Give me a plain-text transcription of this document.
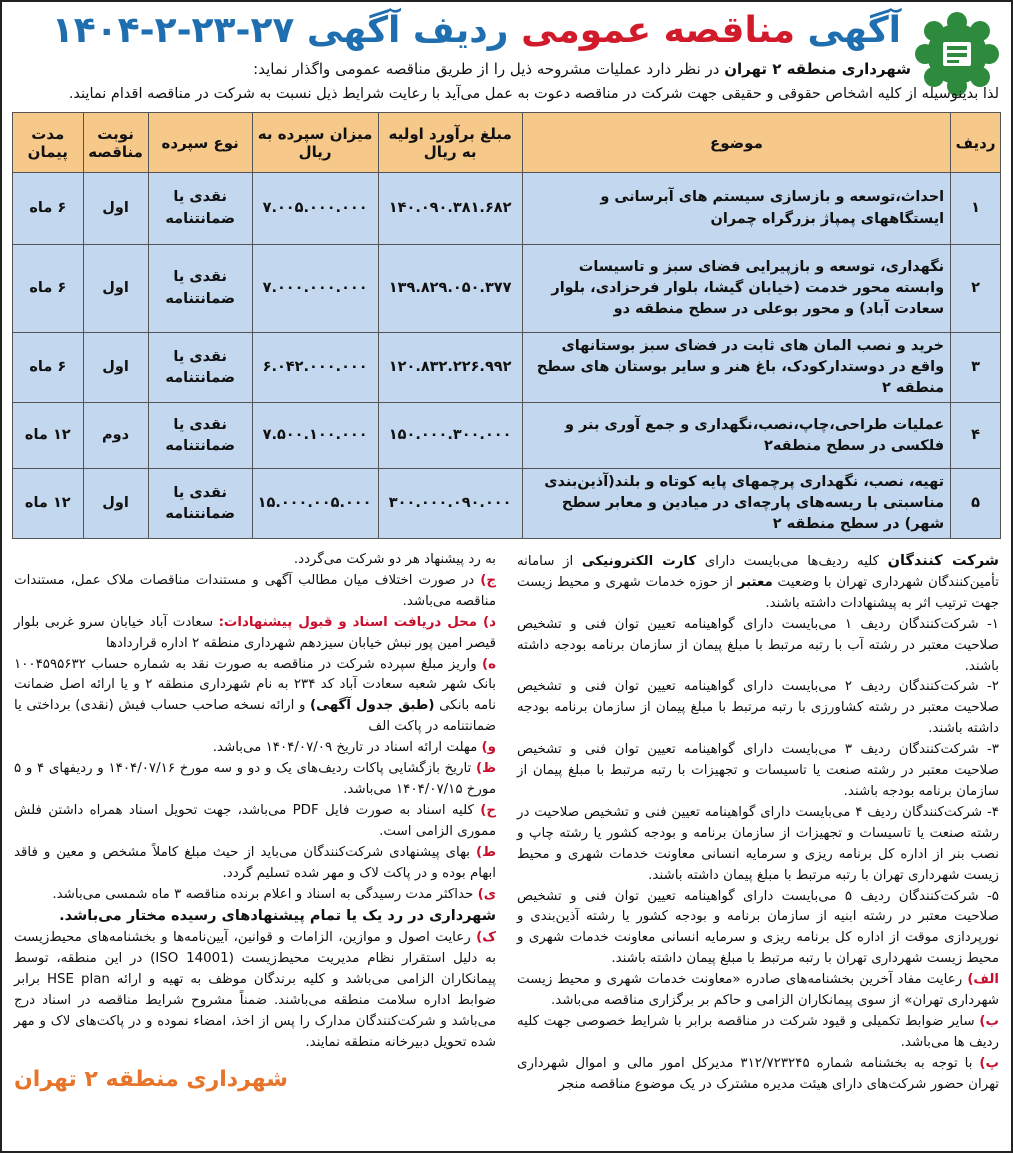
آگهی مناقصه عمومی ردیف آگهی ۲۷-۲۳-۲-۱۴۰۴
شهرداری منطقه ۲ تهران در نظر دارد عملیات مشروحه ذیل را از طریق مناقصه عمومی واگذار نماید:
لذا بدینوسیله از کلیه اشخاص حقوقی و حقیقی جهت شرکت در مناقصه دعوت به عمل می‌آید با رعایت شرایط ذیل نسبت به شرکت در مناقصه اقدام نمایند.
ردیف	موضوع	مبلغ برآورد اولیه به ریال	میزان سپرده به ریال	نوع سپرده	نوبت مناقصه	مدت پیمان
۱	احداث،توسعه و بازسازی سیستم های آبرسانی و ایستگاههای پمپاژ بزرگراه چمران	۱۴۰.۰۹۰.۳۸۱.۶۸۲	۷.۰۰۵.۰۰۰.۰۰۰	نقدی یا ضمانتنامه	اول	۶ ماه
۲	نگهداری، توسعه و بازپیرایی فضای سبز و تاسیسات وابسته محور خدمت (خیابان گیشا، بلوار فرحزادی، بلوار سعادت آباد) و محور بوعلی در سطح منطقه دو	۱۳۹.۸۲۹.۰۵۰.۳۷۷	۷.۰۰۰.۰۰۰.۰۰۰	نقدی یا ضمانتنامه	اول	۶ ماه
۳	خرید و نصب المان های ثابت در فضای سبز بوستانهای واقع در دوستدارکودک، باغ هنر و سایر بوستان های سطح منطقه ۲	۱۲۰.۸۳۲.۲۲۶.۹۹۲	۶.۰۴۲.۰۰۰.۰۰۰	نقدی یا ضمانتنامه	اول	۶ ماه
۴	عملیات طراحی،چاپ،نصب،نگهداری و جمع آوری بنر و فلکسی در سطح منطقه۲	۱۵۰.۰۰۰.۳۰۰.۰۰۰	۷.۵۰۰.۱۰۰.۰۰۰	نقدی یا ضمانتنامه	دوم	۱۲ ماه
۵	تهیه، نصب، نگهداری پرچمهای پایه کوتاه و بلند(آذین‌بندی مناسبتی با ریسه‌های پارچه‌ای در میادین و معابر سطح شهر) در سطح منطقه ۲	۳۰۰.۰۰۰.۰۹۰.۰۰۰	۱۵.۰۰۰.۰۰۵.۰۰۰	نقدی یا ضمانتنامه	اول	۱۲ ماه

شرکت کنندگان کلیه ردیف‌ها می‌بایست دارای کارت الکترونیکی از سامانه تأمین‌کنندگان شهرداری تهران با وضعیت معتبر از حوزه خدمات شهری و محیط زیست جهت ترتیب اثر به پیشنهادات داشته باشند.

۱- شرکت‌کنندگان ردیف ۱ می‌بایست دارای گواهینامه تعیین توان فنی و تشخیص صلاحیت معتبر در رشته آب با رتبه مرتبط با مبلغ پیمان از سازمان برنامه بودجه داشته باشند.

۲- شرکت‌کنندگان ردیف ۲ می‌بایست دارای گواهینامه تعیین توان فنی و تشخیص صلاحیت معتبر در رشته کشاورزی با رتبه مرتبط با مبلغ پیمان از سازمان برنامه بودجه داشته باشند.

۳- شرکت‌کنندگان ردیف ۳ می‌بایست دارای گواهینامه تعیین توان فنی و تشخیص صلاحیت معتبر در رشته صنعت یا تاسیسات و تجهیزات با رتبه مرتبط با مبلغ پیمان از سازمان برنامه بودجه باشند.

۴- شرکت‌کنندگان ردیف ۴ می‌بایست دارای گواهینامه تعیین فنی و تشخیص صلاحیت در رشته صنعت یا تاسیسات و تجهیزات از سازمان برنامه و بودجه کشور یا رشته چاپ و نصب بنر از اداره کل برنامه ریزی و سرمایه انسانی معاونت خدمات شهری و محیط زیست شهرداری تهران با رتبه مرتبط با مبلغ پیمان داشته باشند.

۵- شرکت‌کنندگان ردیف ۵ می‌بایست دارای گواهینامه تعیین توان فنی و تشخیص صلاحیت معتبر در رشته ابنیه از سازمان برنامه و بودجه کشور یا رشته آذین‌بندی و نورپردازی موقت از اداره کل برنامه ریزی و سرمایه انسانی معاونت خدمات شهری و محیط زیست شهرداری تهران با رتبه مرتبط با مبلغ پیمان داشته باشند.

الف) رعایت مفاد آخرین بخشنامه‌های صادره «معاونت خدمات شهری و محیط زیست شهرداری تهران» از سوی پیمانکاران الزامی و حاکم بر برگزاری مناقصه می‌باشد.

ب) سایر ضوابط تکمیلی و قیود شرکت در مناقصه برابر با شرایط خصوصی جهت کلیه ردیف ها می‌باشد.

پ) با توجه به بخشنامه شماره ۳۱۲/۷۲۳۲۴۵ مدیرکل امور مالی و اموال شهرداری تهران حضور شرکت‌های دارای هیئت مدیره مشترک در یک موضوع مناقصه منجر

به رد پیشنهاد هر دو شرکت می‌گردد.

ج) در صورت اختلاف میان مطالب آگهی و مستندات مناقصات ملاک عمل، مستندات مناقصه می‌باشد.

د) محل دریافت اسناد و قبول پیشنهادات: سعادت آباد خیابان سرو غربی بلوار قیصر امین پور نبش خیابان سیزدهم شهرداری منطقه ۲ اداره قراردادها

ه) واریز مبلغ سپرده شرکت در مناقصه به صورت نقد به شماره حساب ۱۰۰۴۵۹۵۶۳۲ بانک شهر شعبه سعادت آباد کد ۲۳۴ به نام شهرداری منطقه ۲ و یا ارائه اصل ضمانت نامه بانکی (طبق جدول آگهی) و ارائه نسخه صاحب حساب فیش (نقدی) برداختی یا ضمانتنامه در پاکت الف

و) مهلت ارائه اسناد در تاریخ ۱۴۰۴/۰۷/۰۹ می‌باشد.

ظ) تاریخ بازگشایی پاکات ردیف‌های یک و دو و سه مورخ ۱۴۰۴/۰۷/۱۶ و ردیفهای ۴ و ۵ مورخ ۱۴۰۴/۰۷/۱۵ می‌باشد.

ح) کلیه اسناد به صورت فایل PDF می‌باشد، جهت تحویل اسناد همراه داشتن فلش مموری الزامی است.

ط) بهای پیشنهادی شرکت‌کنندگان می‌باید از حیث مبلغ کاملاً مشخص و معین و فاقد ابهام بوده و در پاکت لاک و مهر شده تسلیم گردد.

ی) حداکثر مدت رسیدگی به اسناد و اعلام برنده مناقصه ۳ ماه شمسی می‌باشد.

شهرداری در رد یک یا تمام پیشنهادهای رسیده مختار می‌باشد.

ک) رعایت اصول و موازین، الزامات و قوانین، آیین‌نامه‌ها و بخشنامه‌های محیط‌زیست به دلیل استقرار نظام مدیریت محیط‌زیست (ISO 14001) در این منطقه، توسط پیمانکاران الزامی می‌باشد و کلیه برندگان موظف به تهیه و ارائه HSE plan برابر ضوابط اداره سلامت منطقه می‌باشند. ضمناً مشروح شرایط مناقصه در اسناد درج می‌باشد و شرکت‌کنندگان مدارک را پس از اخذ، امضاء نموده و در پاکت‌های لاک و مهر شده تحویل دبیرخانه منطقه نمایند.

شهرداری منطقه ۲ تهران
